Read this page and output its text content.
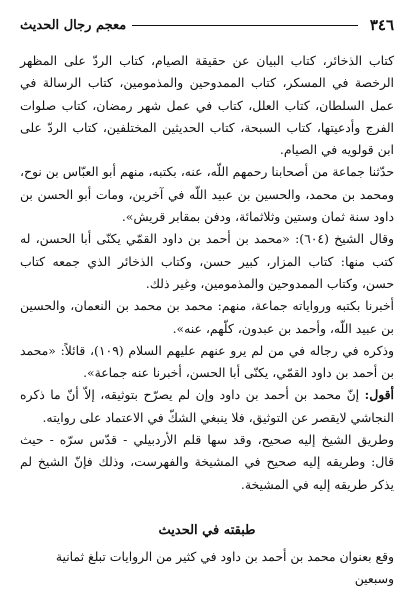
٣٤٦
معجم رجال الحديث

كتاب الذخائر، كتاب البيان عن حقيقة الصيام، كتاب الردّ على المظهر الرخصة في المسكر، كتاب الممدوحين والمذمومين، كتاب الرسالة في عمل السلطان، كتاب العلل، كتاب في عمل شهر رمضان، كتاب صلوات الفرج وأدعيتها، كتاب السبحة، كتاب الحديثين المختلفين، كتاب الردّ على ابن قولويه في الصيام.

حدّثنا جماعة من أصحابنا رحمهم اللّه، عنه، بكتبه، منهم أبو العبّاس بن نوح، ومحمد بن محمد، والحسين بن عبيد اللّه في آخرين، ومات أبو الحسن بن داود سنة ثمان وستين وثلاثمائة، ودفن بمقابر قريش».

وقال الشيخ (٦٠٤): «محمد بن أحمد بن داود القمّي يكنّى أبا الحسن، له كتب منها: كتاب المزار، كبير حسن، وكتاب الذخائر الذي جمعه كتاب حسن، وكتاب الممدوحين والمذمومين، وغير ذلك.

أخبرنا بكتبه ورواياته جماعة، منهم: محمد بن محمد بن النعمان، والحسين بن عبيد اللّه، وأحمد بن عبدون، كلّهم، عنه».

وذكره في رجاله في من لم يرو عنهم عليهم السلام (١٠٩)، قائلاً: «محمد بن أحمد بن داود القمّي، يكنّى أبا الحسن، أخبرنا عنه جماعة».

أقول: إنّ محمد بن أحمد بن داود وإن لم يصرّح بتوثيقه، إلاّ أنّ ما ذكره النجاشي لايقصر عن التوثيق، فلا ينبغي الشكّ في الاعتماد على روايته.

وطريق الشيخ إليه صحيح، وقد سها قلم الأردبيلي - قدّس سرّه - حيث قال: وطريقه إليه صحيح في المشيخة والفهرست، وذلك فإنّ الشيخ لم يذكر طريقه إليه في المشيخة.

طبقته في الحديث
وقع بعنوان محمد بن أحمد بن داود في كثير من الروايات تبلغ ثمانية وسبعين
